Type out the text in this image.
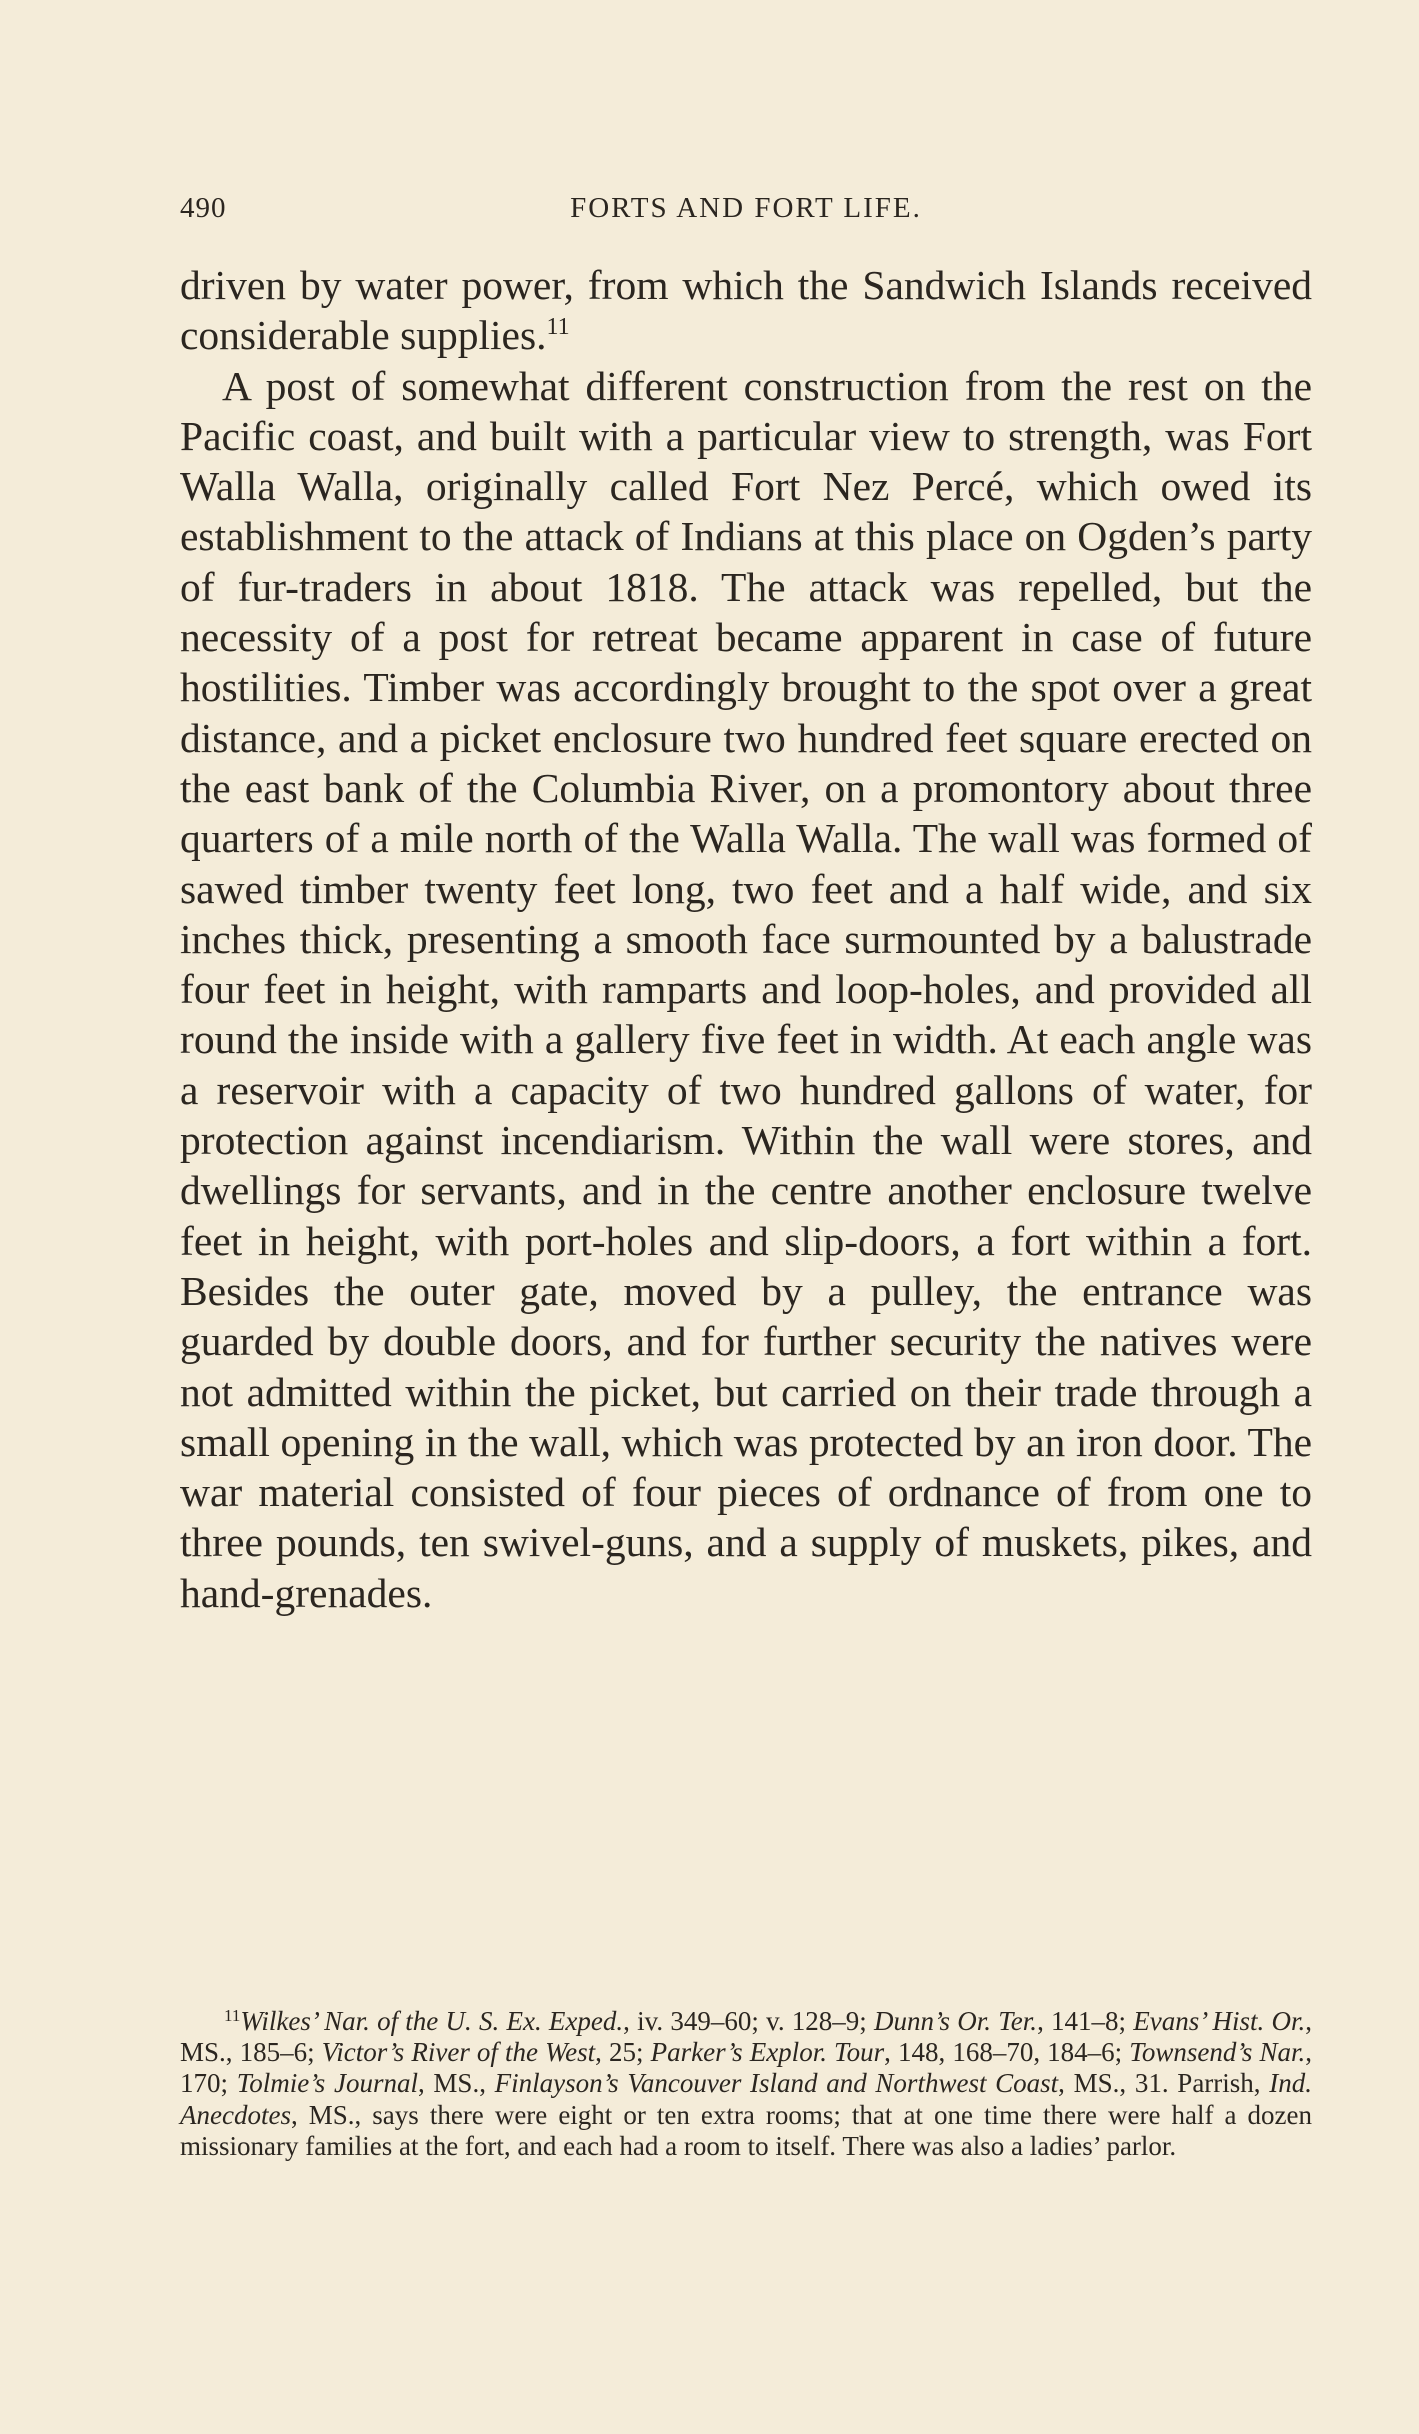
490	FORTS AND FORT LIFE.

driven by water power, from which the Sandwich Islands received considerable supplies.$^{11}$

A post of somewhat different construction from the rest on the Pacific coast, and built with a particular view to strength, was Fort Walla Walla, originally called Fort Nez Percé, which owed its establishment to the attack of Indians at this place on Ogden’s party of fur-traders in about 1818. The attack was repelled, but the necessity of a post for retreat became apparent in case of future hostilities. Timber was accordingly brought to the spot over a great distance, and a picket enclosure two hundred feet square erected on the east bank of the Columbia River, on a promontory about three quarters of a mile north of the Walla Walla. The wall was formed of sawed timber twenty feet long, two feet and a half wide, and six inches thick, presenting a smooth face surmounted by a balustrade four feet in height, with ramparts and loop-holes, and provided all round the inside with a gallery five feet in width. At each angle was a reservoir with a capacity of two hundred gallons of water, for protection against incendiarism. Within the wall were stores, and dwellings for servants, and in the centre another enclosure twelve feet in height, with port-holes and slip-doors, a fort within a fort. Besides the outer gate, moved by a pulley, the entrance was guarded by double doors, and for further security the natives were not admitted within the picket, but carried on their trade through a small opening in the wall, which was protected by an iron door. The war material consisted of four pieces of ordnance of from one to three pounds, ten swivel-guns, and a supply of muskets, pikes, and hand-grenades.

$^{11}$Wilkes’ Nar. of the U. S. Ex. Exped., iv. 349–60; v. 128–9; Dunn’s Or. Ter., 141–8; Evans’ Hist. Or., MS., 185–6; Victor’s River of the West, 25; Parker’s Explor. Tour, 148, 168–70, 184–6; Townsend’s Nar., 170; Tolmie’s Journal, MS., Finlayson’s Vancouver Island and Northwest Coast, MS., 31. Parrish, Ind. Anecdotes, MS., says there were eight or ten extra rooms; that at one time there were half a dozen missionary families at the fort, and each had a room to itself. There was also a ladies’ parlor.
